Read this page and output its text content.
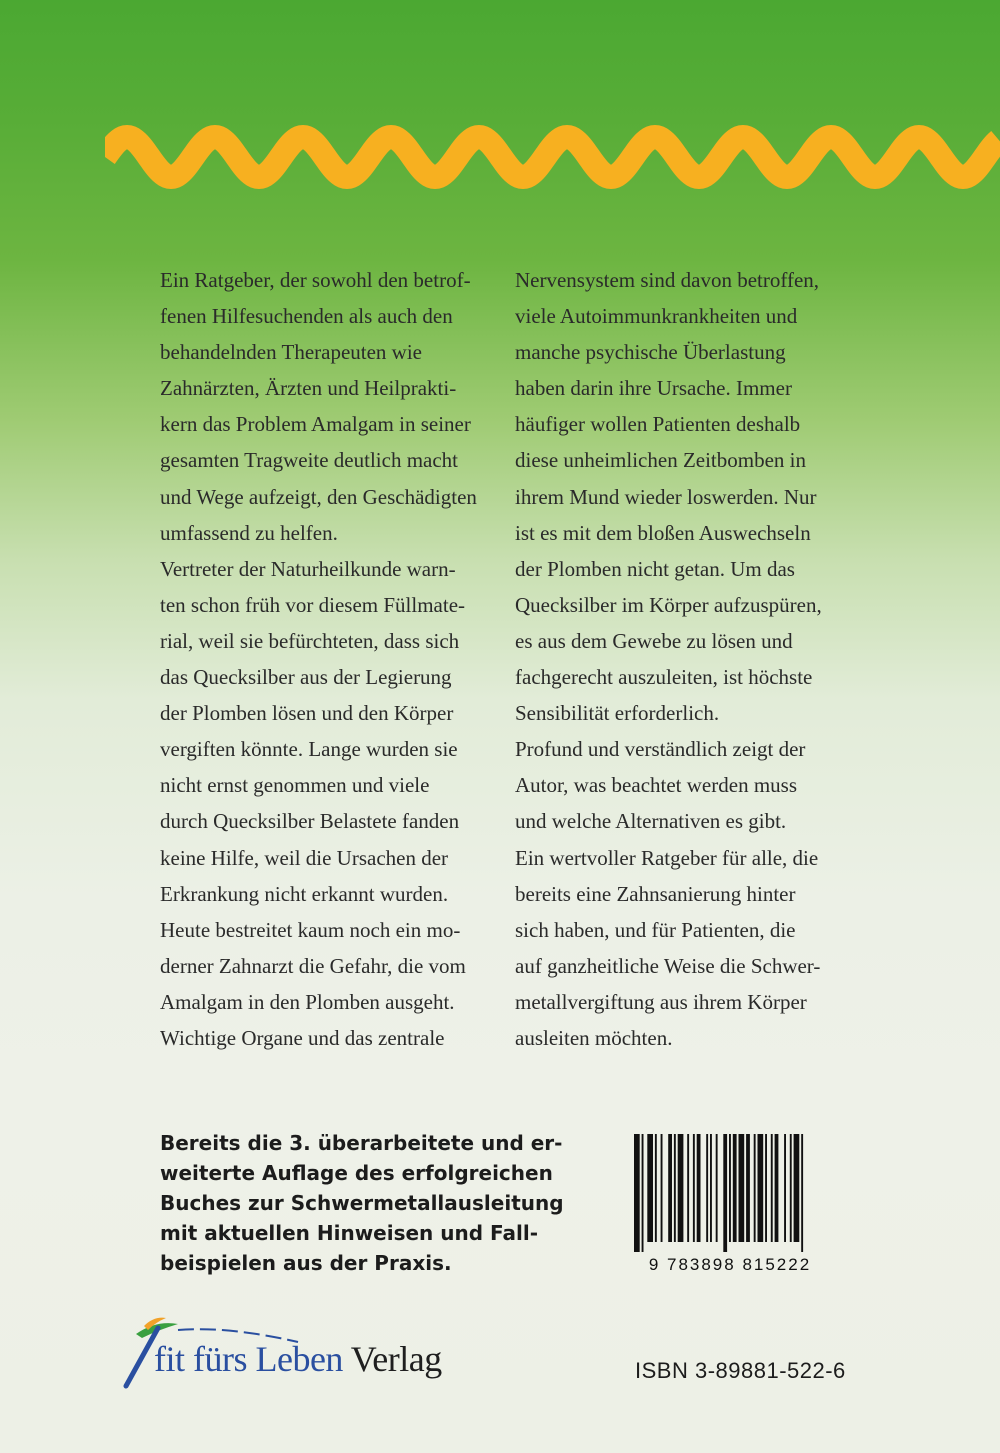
Ein Ratgeber, der sowohl den betrof-
fenen Hilfesuchenden als auch den
behandelnden Therapeuten wie
Zahnärzten, Ärzten und Heilprakti-
kern das Problem Amalgam in seiner
gesamten Tragweite deutlich macht
und Wege aufzeigt, den Geschädigten
umfassend zu helfen.
Vertreter der Naturheilkunde warn-
ten schon früh vor diesem Füllmate-
rial, weil sie befürchteten, dass sich
das Quecksilber aus der Legierung
der Plomben lösen und den Körper
vergiften könnte. Lange wurden sie
nicht ernst genommen und viele
durch Quecksilber Belastete fanden
keine Hilfe, weil die Ursachen der
Erkrankung nicht erkannt wurden.
Heute bestreitet kaum noch ein mo-
derner Zahnarzt die Gefahr, die vom
Amalgam in den Plomben ausgeht.
Wichtige Organe und das zentrale
Nervensystem sind davon betroffen,
viele Autoimmunkrankheiten und
manche psychische Überlastung
haben darin ihre Ursache. Immer
häufiger wollen Patienten deshalb
diese unheimlichen Zeitbomben in
ihrem Mund wieder loswerden. Nur
ist es mit dem bloßen Auswechseln
der Plomben nicht getan. Um das
Quecksilber im Körper aufzuspüren,
es aus dem Gewebe zu lösen und
fachgerecht auszuleiten, ist höchste
Sensibilität erforderlich.
Profund und verständlich zeigt der
Autor, was beachtet werden muss
und welche Alternativen es gibt.
Ein wertvoller Ratgeber für alle, die
bereits eine Zahnsanierung hinter
sich haben, und für Patienten, die
auf ganzheitliche Weise die Schwer-
metallvergiftung aus ihrem Körper
ausleiten möchten.
Bereits die 3. überarbeitete und er-
weiterte Auflage des erfolgreichen
Buches zur Schwermetallausleitung
mit aktuellen Hinweisen und Fall-
beispielen aus der Praxis.	9 783898 815222
fit fürs Leben Verlag	ISBN 3-89881-522-6
